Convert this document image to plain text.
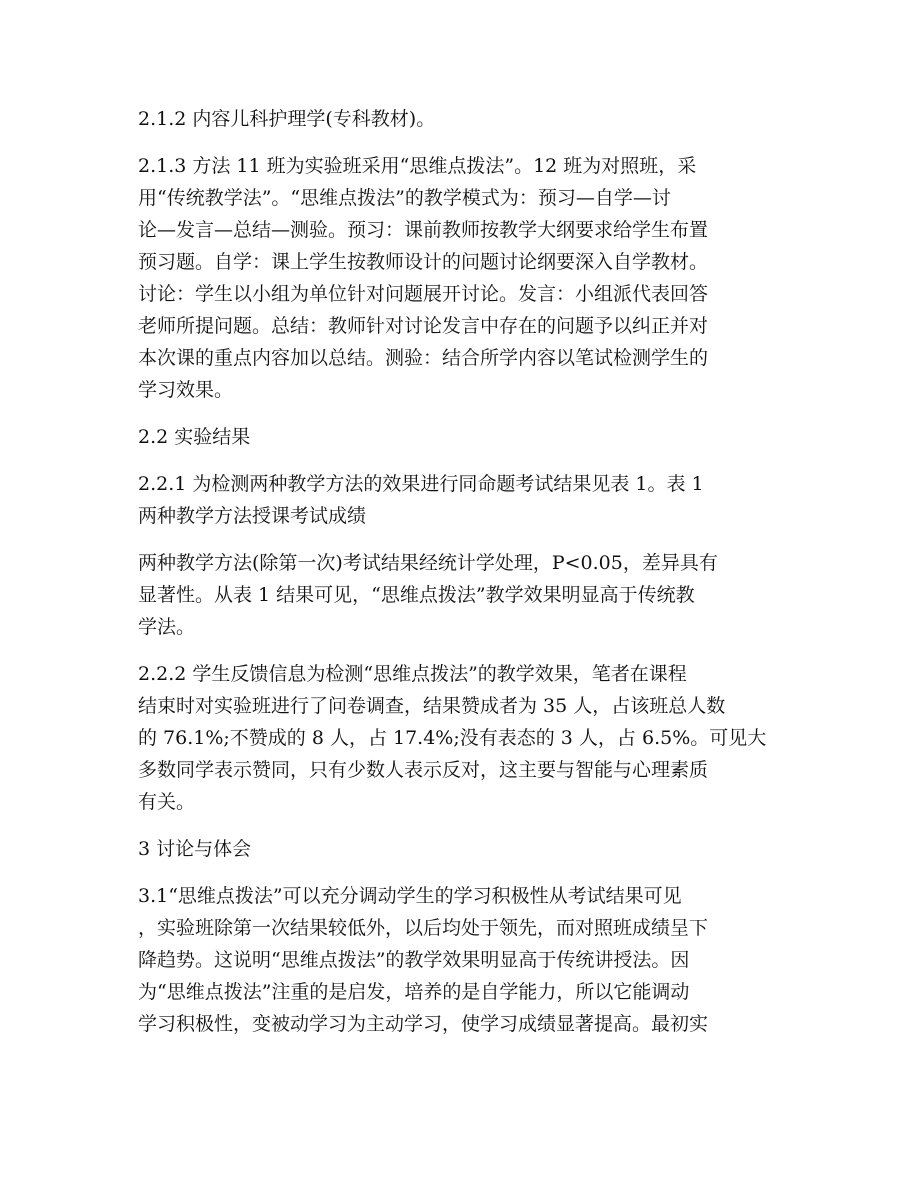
2.1.2 内容儿科护理学(专科教材)。

2.1.3 方法 11 班为实验班采用“思维点拨法”。12 班为对照班，采
用“传统教学法”。“思维点拨法”的教学模式为：预习—自学—讨
论—发言—总结—测验。预习：课前教师按教学大纲要求给学生布置
预习题。自学：课上学生按教师设计的问题讨论纲要深入自学教材。
讨论：学生以小组为单位针对问题展开讨论。发言：小组派代表回答
老师所提问题。总结：教师针对讨论发言中存在的问题予以纠正并对
本次课的重点内容加以总结。测验：结合所学内容以笔试检测学生的
学习效果。

2.2 实验结果

2.2.1 为检测两种教学方法的效果进行同命题考试结果见表 1。表 1
两种教学方法授课考试成绩

两种教学方法(除第一次)考试结果经统计学处理，P<0.05，差异具有
显著性。从表 1 结果可见，“思维点拨法”教学效果明显高于传统教
学法。

2.2.2 学生反馈信息为检测“思维点拨法”的教学效果，笔者在课程
结束时对实验班进行了问卷调查，结果赞成者为 35 人，占该班总人数
的 76.1%;不赞成的 8 人，占 17.4%;没有表态的 3 人，占 6.5%。可见大
多数同学表示赞同，只有少数人表示反对，这主要与智能与心理素质
有关。

3 讨论与体会

3.1“思维点拨法”可以充分调动学生的学习积极性从考试结果可见
，实验班除第一次结果较低外，以后均处于领先，而对照班成绩呈下
降趋势。这说明“思维点拨法”的教学效果明显高于传统讲授法。因
为“思维点拨法”注重的是启发，培养的是自学能力，所以它能调动
学习积极性，变被动学习为主动学习，使学习成绩显著提高。最初实
